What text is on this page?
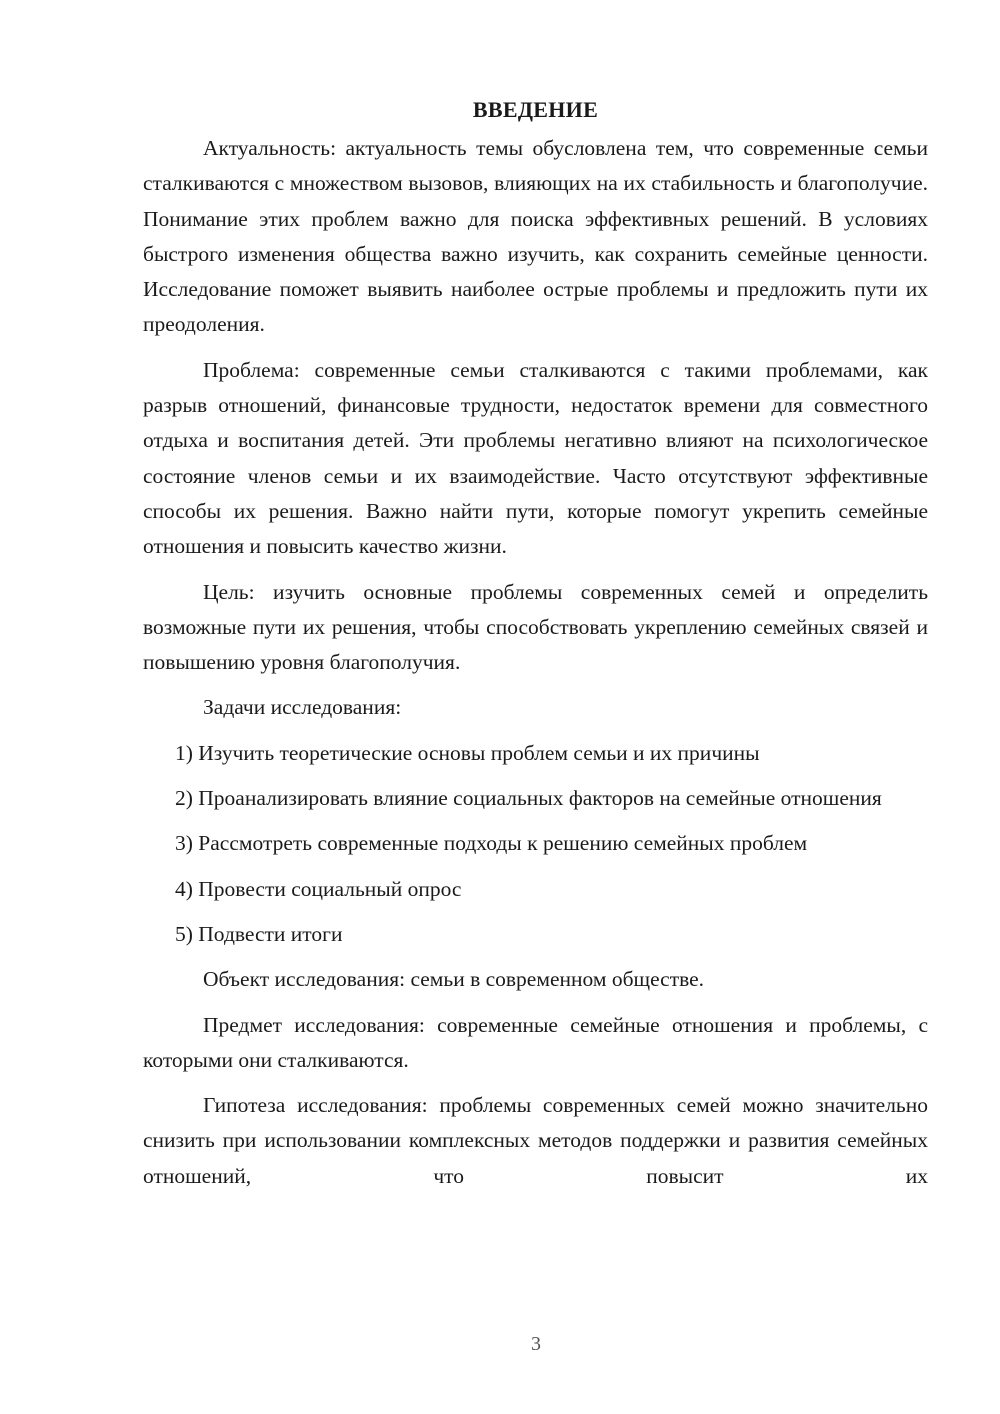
ВВЕДЕНИЕ

Актуальность: актуальность темы обусловлена тем, что современные семьи сталкиваются с множеством вызовов, влияющих на их стабильность и благополучие. Понимание этих проблем важно для поиска эффективных решений. В условиях быстрого изменения общества важно изучить, как сохранить семейные ценности. Исследование поможет выявить наиболее острые проблемы и предложить пути их преодоления.

Проблема: современные семьи сталкиваются с такими проблемами, как разрыв отношений, финансовые трудности, недостаток времени для совместного отдыха и воспитания детей. Эти проблемы негативно влияют на психологическое состояние членов семьи и их взаимодействие. Часто отсутствуют эффективные способы их решения. Важно найти пути, которые помогут укрепить семейные отношения и повысить качество жизни.

Цель: изучить основные проблемы современных семей и определить возможные пути их решения, чтобы способствовать укреплению семейных связей и повышению уровня благополучия.

Задачи исследования:

1) Изучить теоретические основы проблем семьи и их причины

2) Проанализировать влияние социальных факторов на семейные отношения

3) Рассмотреть современные подходы к решению семейных проблем

4) Провести социальный опрос

5) Подвести итоги

Объект исследования: семьи в современном обществе.

Предмет исследования: современные семейные отношения и проблемы, с которыми они сталкиваются.

Гипотеза исследования: проблемы современных семей можно значительно снизить при использовании комплексных методов поддержки и развития семейных отношений, что повысит их

3
